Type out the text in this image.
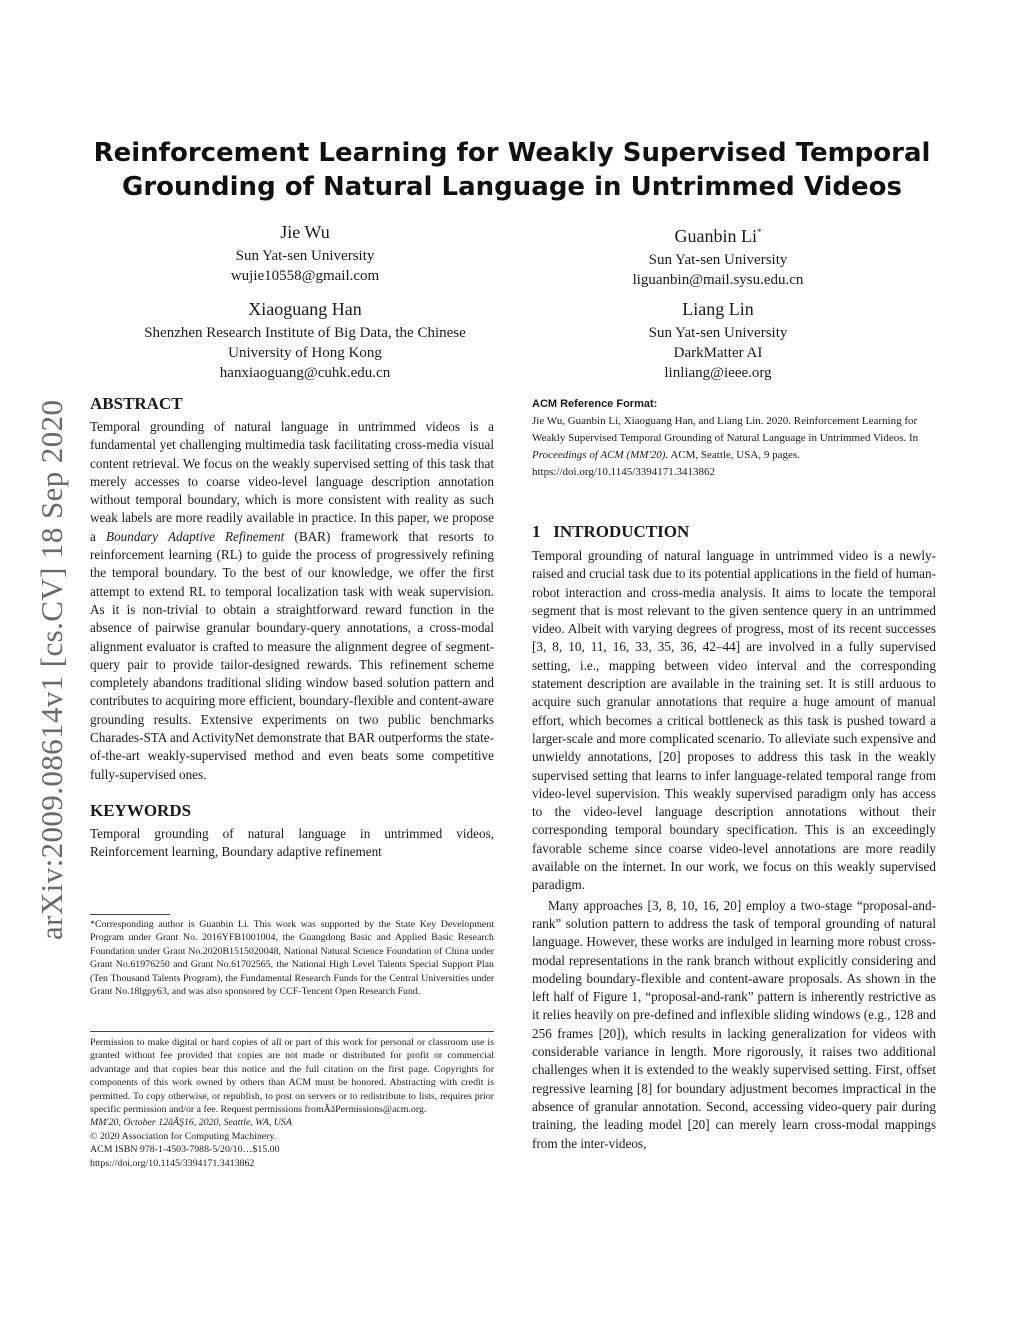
Reinforcement Learning for Weakly Supervised Temporal
Grounding of Natural Language in Untrimmed Videos
Jie Wu
Sun Yat-sen University
wujie10558@gmail.com
Guanbin Li*
Sun Yat-sen University
liguanbin@mail.sysu.edu.cn
Xiaoguang Han
Shenzhen Research Institute of Big Data, the Chinese
University of Hong Kong
hanxiaoguang@cuhk.edu.cn
Liang Lin
Sun Yat-sen University
DarkMatter AI
linliang@ieee.org
arXiv:2009.08614v1 [cs.CV] 18 Sep 2020 ABSTRACT

Temporal grounding of natural language in untrimmed videos is a fundamental yet challenging multimedia task facilitating cross-media visual content retrieval. We focus on the weakly supervised setting of this task that merely accesses to coarse video-level language description annotation without temporal boundary, which is more consistent with reality as such weak labels are more readily available in practice. In this paper, we propose a Boundary Adaptive Refinement (BAR) framework that resorts to reinforcement learning (RL) to guide the process of progressively refining the temporal boundary. To the best of our knowledge, we offer the first attempt to extend RL to temporal localization task with weak supervision. As it is non-trivial to obtain a straightforward reward function in the absence of pairwise granular boundary-query annotations, a cross-modal alignment evaluator is crafted to measure the alignment degree of segment-query pair to provide tailor-designed rewards. This refinement scheme completely abandons traditional sliding window based solution pattern and contributes to acquiring more efficient, boundary-flexible and content-aware grounding results. Extensive experiments on two public benchmarks Charades-STA and ActivityNet demonstrate that BAR outperforms the state-of-the-art weakly-supervised method and even beats some competitive fully-supervised ones.

KEYWORDS

Temporal grounding of natural language in untrimmed videos, Reinforcement learning, Boundary adaptive refinement

*Corresponding author is Guanbin Li. This work was supported by the State Key Development Program under Grant No. 2016YFB1001004, the Guangdong Basic and Applied Basic Research Foundation under Grant No.2020B1515020048, National Natural Science Foundation of China under Grant No.61976250 and Grant No.61702565, the National High Level Talents Special Support Plan (Ten Thousand Talents Program), the Fundamental Research Funds for the Central Universities under Grant No.18lgpy63, and was also sponsored by CCF-Tencent Open Research Fund.
Permission to make digital or hard copies of all or part of this work for personal or classroom use is granted without fee provided that copies are not made or distributed for profit or commercial advantage and that copies bear this notice and the full citation on the first page. Copyrights for components of this work owned by others than ACM must be honored. Abstracting with credit is permitted. To copy otherwise, or republish, to post on servers or to redistribute to lists, requires prior specific permission and/or a fee. Request permissions fromÂăPermissions@acm.org.
MM'20, October 12âĂŞ16, 2020, Seattle, WA, USA
© 2020 Association for Computing Machinery.
ACM ISBN 978-1-4503-7988-5/20/10…$15.00
https://doi.org/10.1145/3394171.3413862
ACM Reference Format:
Jie Wu, Guanbin Li, Xiaoguang Han, and Liang Lin. 2020. Reinforcement Learning for Weakly Supervised Temporal Grounding of Natural Language in Untrimmed Videos. In Proceedings of ACM (MM'20). ACM, Seattle, USA, 9 pages. https://doi.org/10.1145/3394171.3413862
1   INTRODUCTION

Temporal grounding of natural language in untrimmed video is a newly-raised and crucial task due to its potential applications in the field of human-robot interaction and cross-media analysis. It aims to locate the temporal segment that is most relevant to the given sentence query in an untrimmed video. Albeit with varying degrees of progress, most of its recent successes [3, 8, 10, 11, 16, 33, 35, 36, 42–44] are involved in a fully supervised setting, i.e., mapping between video interval and the corresponding statement description are available in the training set. It is still arduous to acquire such granular annotations that require a huge amount of manual effort, which becomes a critical bottleneck as this task is pushed toward a larger-scale and more complicated scenario. To alleviate such expensive and unwieldy annotations, [20] proposes to address this task in the weakly supervised setting that learns to infer language-related temporal range from video-level supervision. This weakly supervised paradigm only has access to the video-level language description annotations without their corresponding temporal boundary specification. This is an exceedingly favorable scheme since coarse video-level annotations are more readily available on the internet. In our work, we focus on this weakly supervised paradigm.

Many approaches [3, 8, 10, 16, 20] employ a two-stage “proposal-and-rank” solution pattern to address the task of temporal grounding of natural language. However, these works are indulged in learning more robust cross-modal representations in the rank branch without explicitly considering and modeling boundary-flexible and content-aware proposals. As shown in the left half of Figure 1, “proposal-and-rank” pattern is inherently restrictive as it relies heavily on pre-defined and inflexible sliding windows (e.g., 128 and 256 frames [20]), which results in lacking generalization for videos with considerable variance in length. More rigorously, it raises two additional challenges when it is extended to the weakly supervised setting. First, offset regressive learning [8] for boundary adjustment becomes impractical in the absence of granular annotation. Second, accessing video-query pair during training, the leading model [20] can merely learn cross-modal mappings from the inter-videos,
